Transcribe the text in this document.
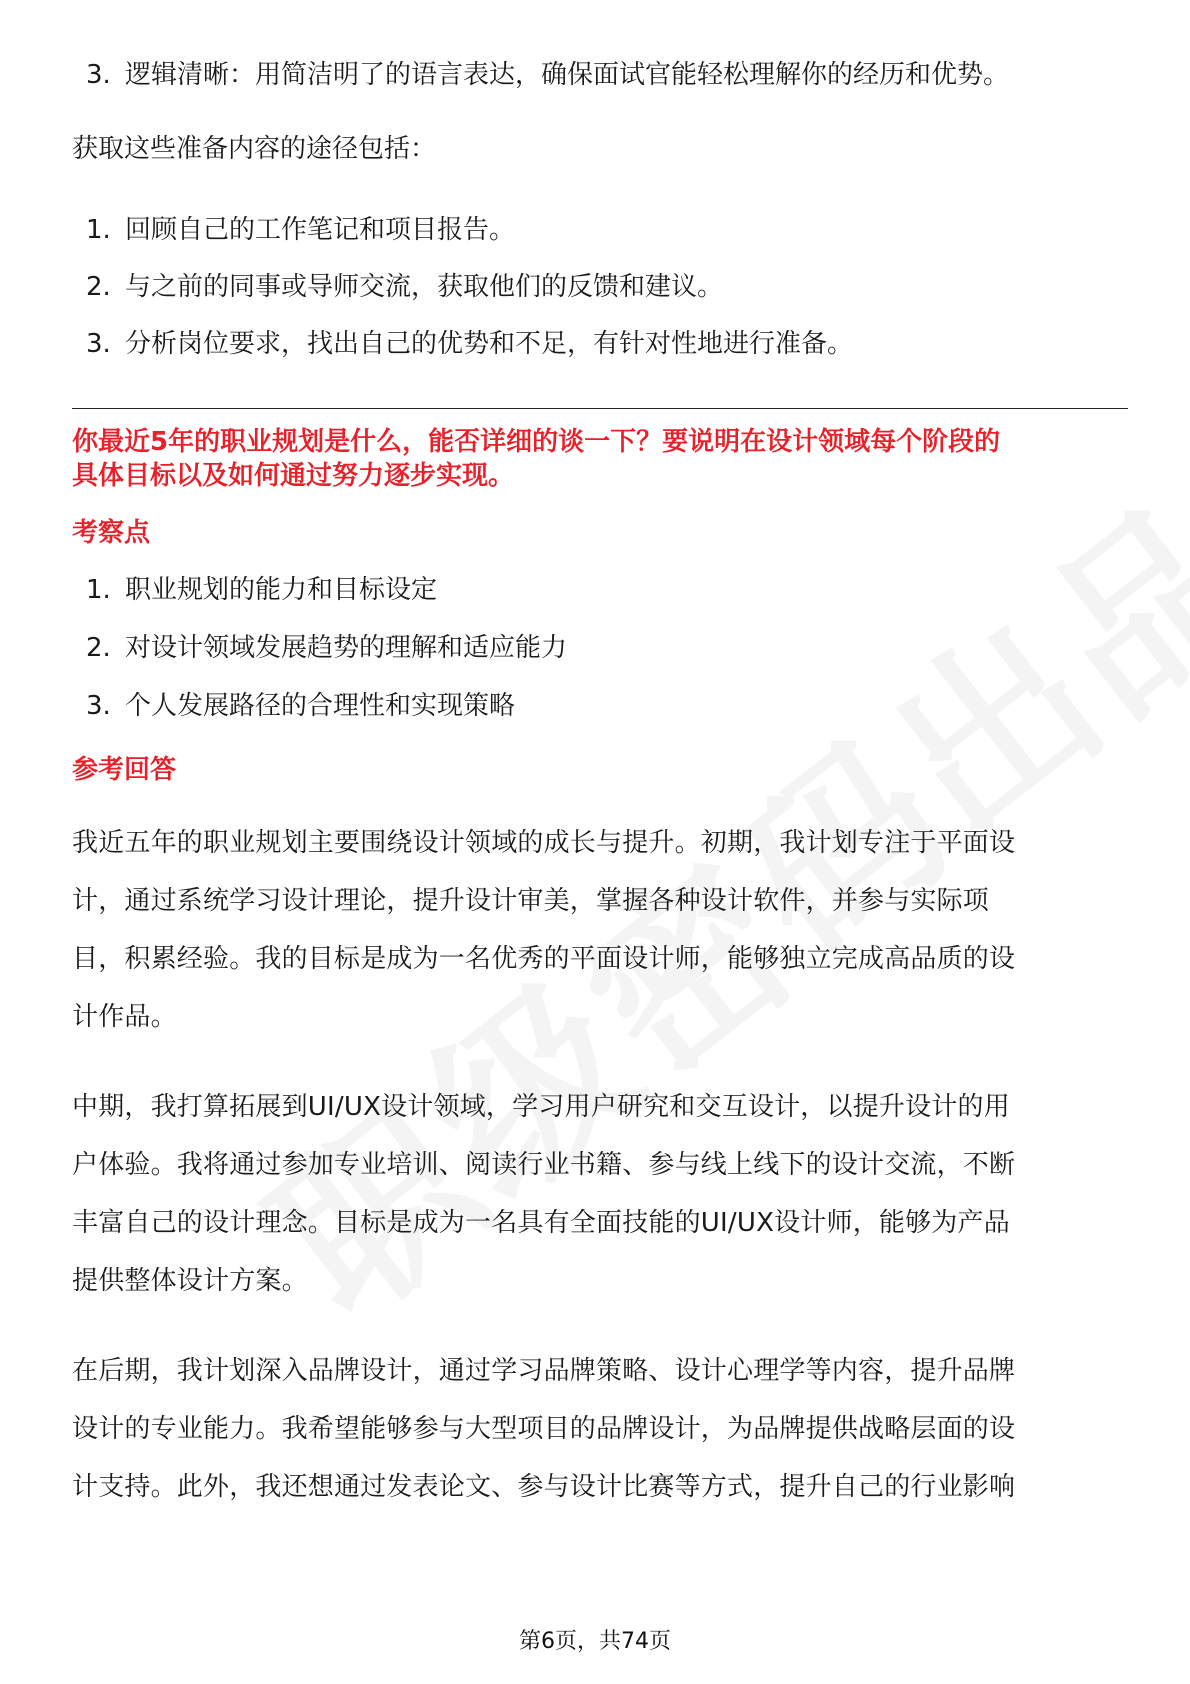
3. 逻辑清晰：用简洁明了的语言表达，确保面试官能轻松理解你的经历和优势。

获取这些准备内容的途径包括：

1. 回顾自己的工作笔记和项目报告。
2. 与之前的同事或导师交流，获取他们的反馈和建议。
3. 分析岗位要求，找出自己的优势和不足，有针对性地进行准备。

你最近5年的职业规划是什么，能否详细的谈一下？要说明在设计领域每个阶段的

具体目标以及如何通过努力逐步实现。

考察点

1. 职业规划的能力和目标设定
2. 对设计领域发展趋势的理解和适应能力
3. 个人发展路径的合理性和实现策略

参考回答

我近五年的职业规划主要围绕设计领域的成长与提升。初期，我计划专注于平面设

计，通过系统学习设计理论，提升设计审美，掌握各种设计软件，并参与实际项

目，积累经验。我的目标是成为一名优秀的平面设计师，能够独立完成高品质的设

计作品。

中期，我打算拓展到UI/UX设计领域，学习用户研究和交互设计，以提升设计的用

户体验。我将通过参加专业培训、阅读行业书籍、参与线上线下的设计交流，不断

丰富自己的设计理念。目标是成为一名具有全面技能的UI/UX设计师，能够为产品

提供整体设计方案。

在后期，我计划深入品牌设计，通过学习品牌策略、设计心理学等内容，提升品牌

设计的专业能力。我希望能够参与大型项目的品牌设计，为品牌提供战略层面的设

计支持。此外，我还想通过发表论文、参与设计比赛等方式，提升自己的行业影响

第6页，共74页
